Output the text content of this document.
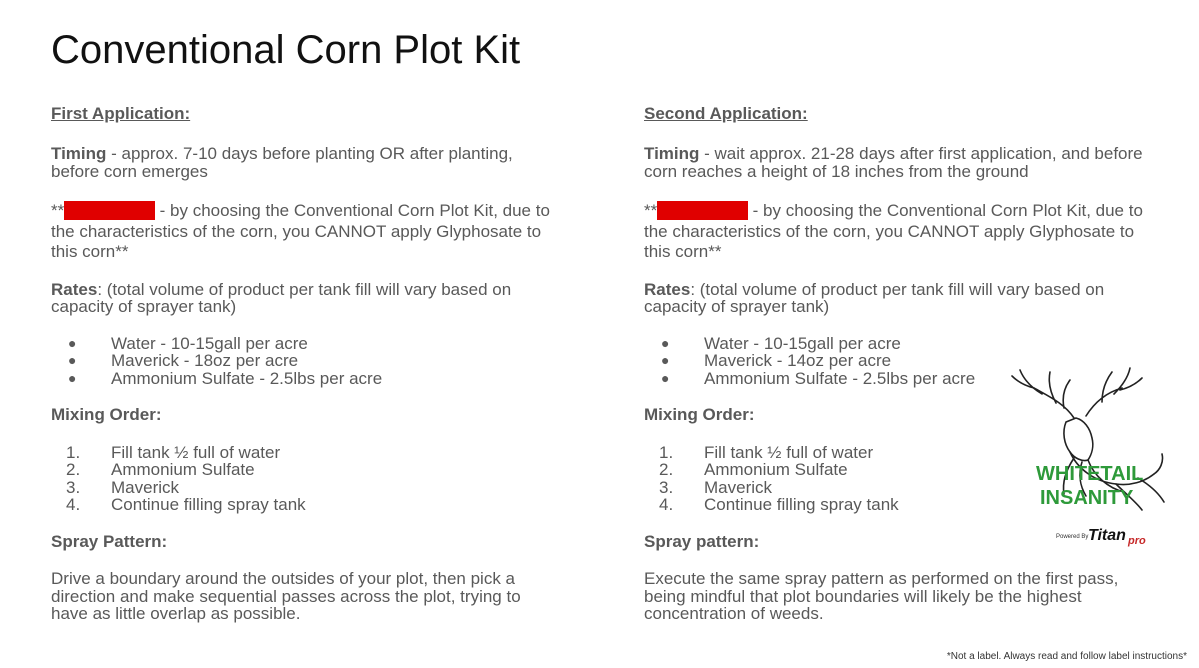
Conventional Corn Plot Kit

First Application:

Timing - approx. 7-10 days before planting OR after planting, before corn emerges

**REMINDER - by choosing the Conventional Corn Plot Kit, due to the characteristics of the corn, you CANNOT apply Glyphosate to this corn**

Rates: (total volume of product per tank fill will vary based on capacity of sprayer tank)

● Water - 10-15gall per acre
● Maverick - 18oz per acre
● Ammonium Sulfate - 2.5lbs per acre

Mixing Order:

1. Fill tank ½ full of water
2. Ammonium Sulfate
3. Maverick
4. Continue filling spray tank

Spray Pattern:

Drive a boundary around the outsides of your plot, then pick a direction and make sequential passes across the plot, trying to have as little overlap as possible.

Second Application:

Timing - wait approx. 21-28 days after first application, and before corn reaches a height of 18 inches from the ground

**REMINDER - by choosing the Conventional Corn Plot Kit, due to the characteristics of the corn, you CANNOT apply Glyphosate to this corn**

Rates: (total volume of product per tank fill will vary based on capacity of sprayer tank)

● Water - 10-15gall per acre
● Maverick - 14oz per acre
● Ammonium Sulfate - 2.5lbs per acre

Mixing Order:

1. Fill tank ½ full of water
2. Ammonium Sulfate
3. Maverick
4. Continue filling spray tank

Spray pattern:

Execute the same spray pattern as performed on the first pass, being mindful that plot boundaries will likely be the highest concentration of weeds.

WHITETAIL
INSANITY
Powered By Titan pro
*Not a label. Always read and follow label instructions*
